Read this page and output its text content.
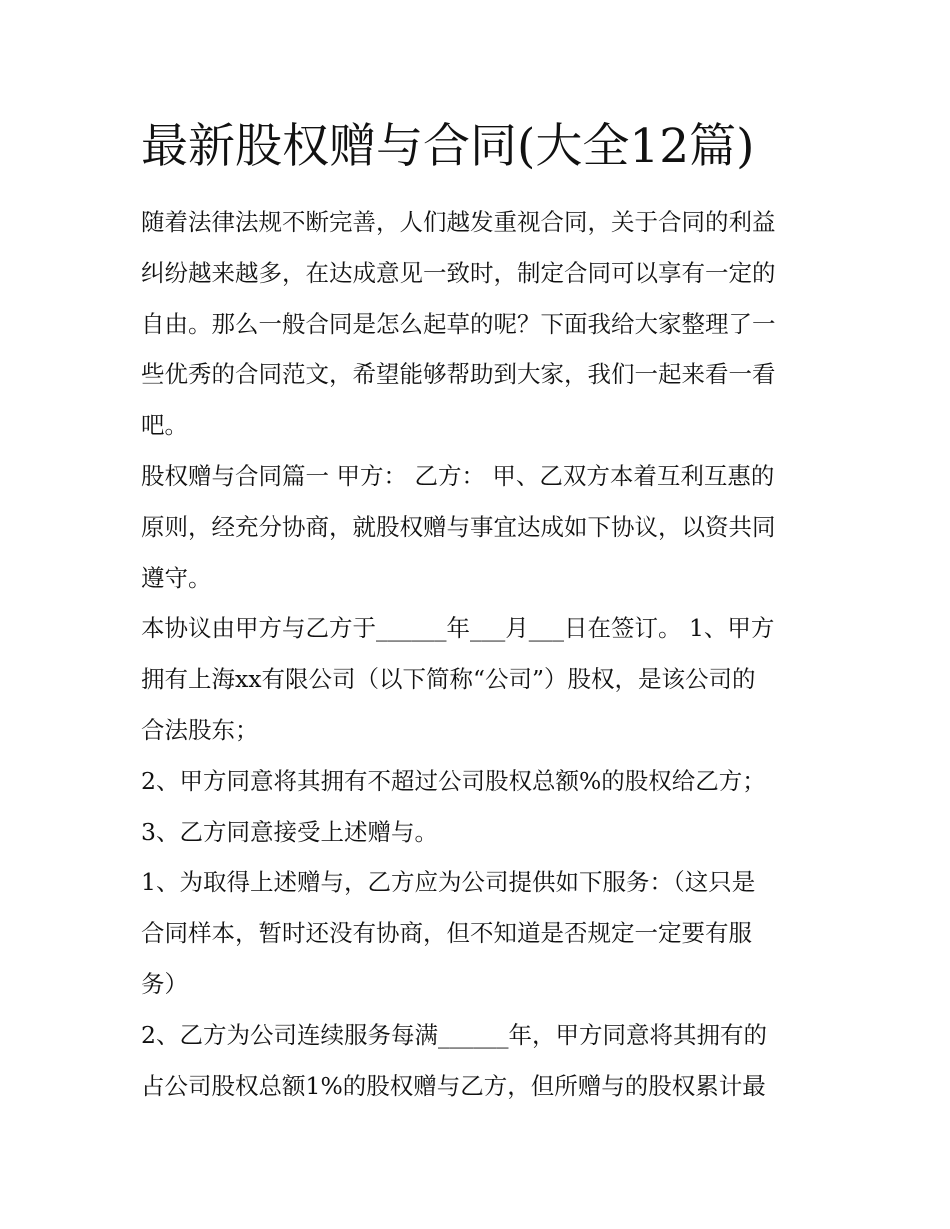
最新股权赠与合同(大全12篇)

随着法律法规不断完善，人们越发重视合同，关于合同的利益
纠纷越来越多，在达成意见一致时，制定合同可以享有一定的
自由。那么一般合同是怎么起草的呢？下面我给大家整理了一
些优秀的合同范文，希望能够帮助到大家，我们一起来看一看
吧。

股权赠与合同篇一 甲方： 乙方： 甲、乙双方本着互利互惠的
原则，经充分协商，就股权赠与事宜达成如下协议，以资共同
遵守。

本协议由甲方与乙方于______年___月___日在签订。 1、甲方
拥有上海xx有限公司（以下简称“公司”）股权，是该公司的
合法股东；

2、甲方同意将其拥有不超过公司股权总额%的股权给乙方；

3、乙方同意接受上述赠与。

1、为取得上述赠与，乙方应为公司提供如下服务：（这只是
合同样本，暂时还没有协商，但不知道是否规定一定要有服
务）

2、乙方为公司连续服务每满______年，甲方同意将其拥有的
占公司股权总额1%的股权赠与乙方，但所赠与的股权累计最
